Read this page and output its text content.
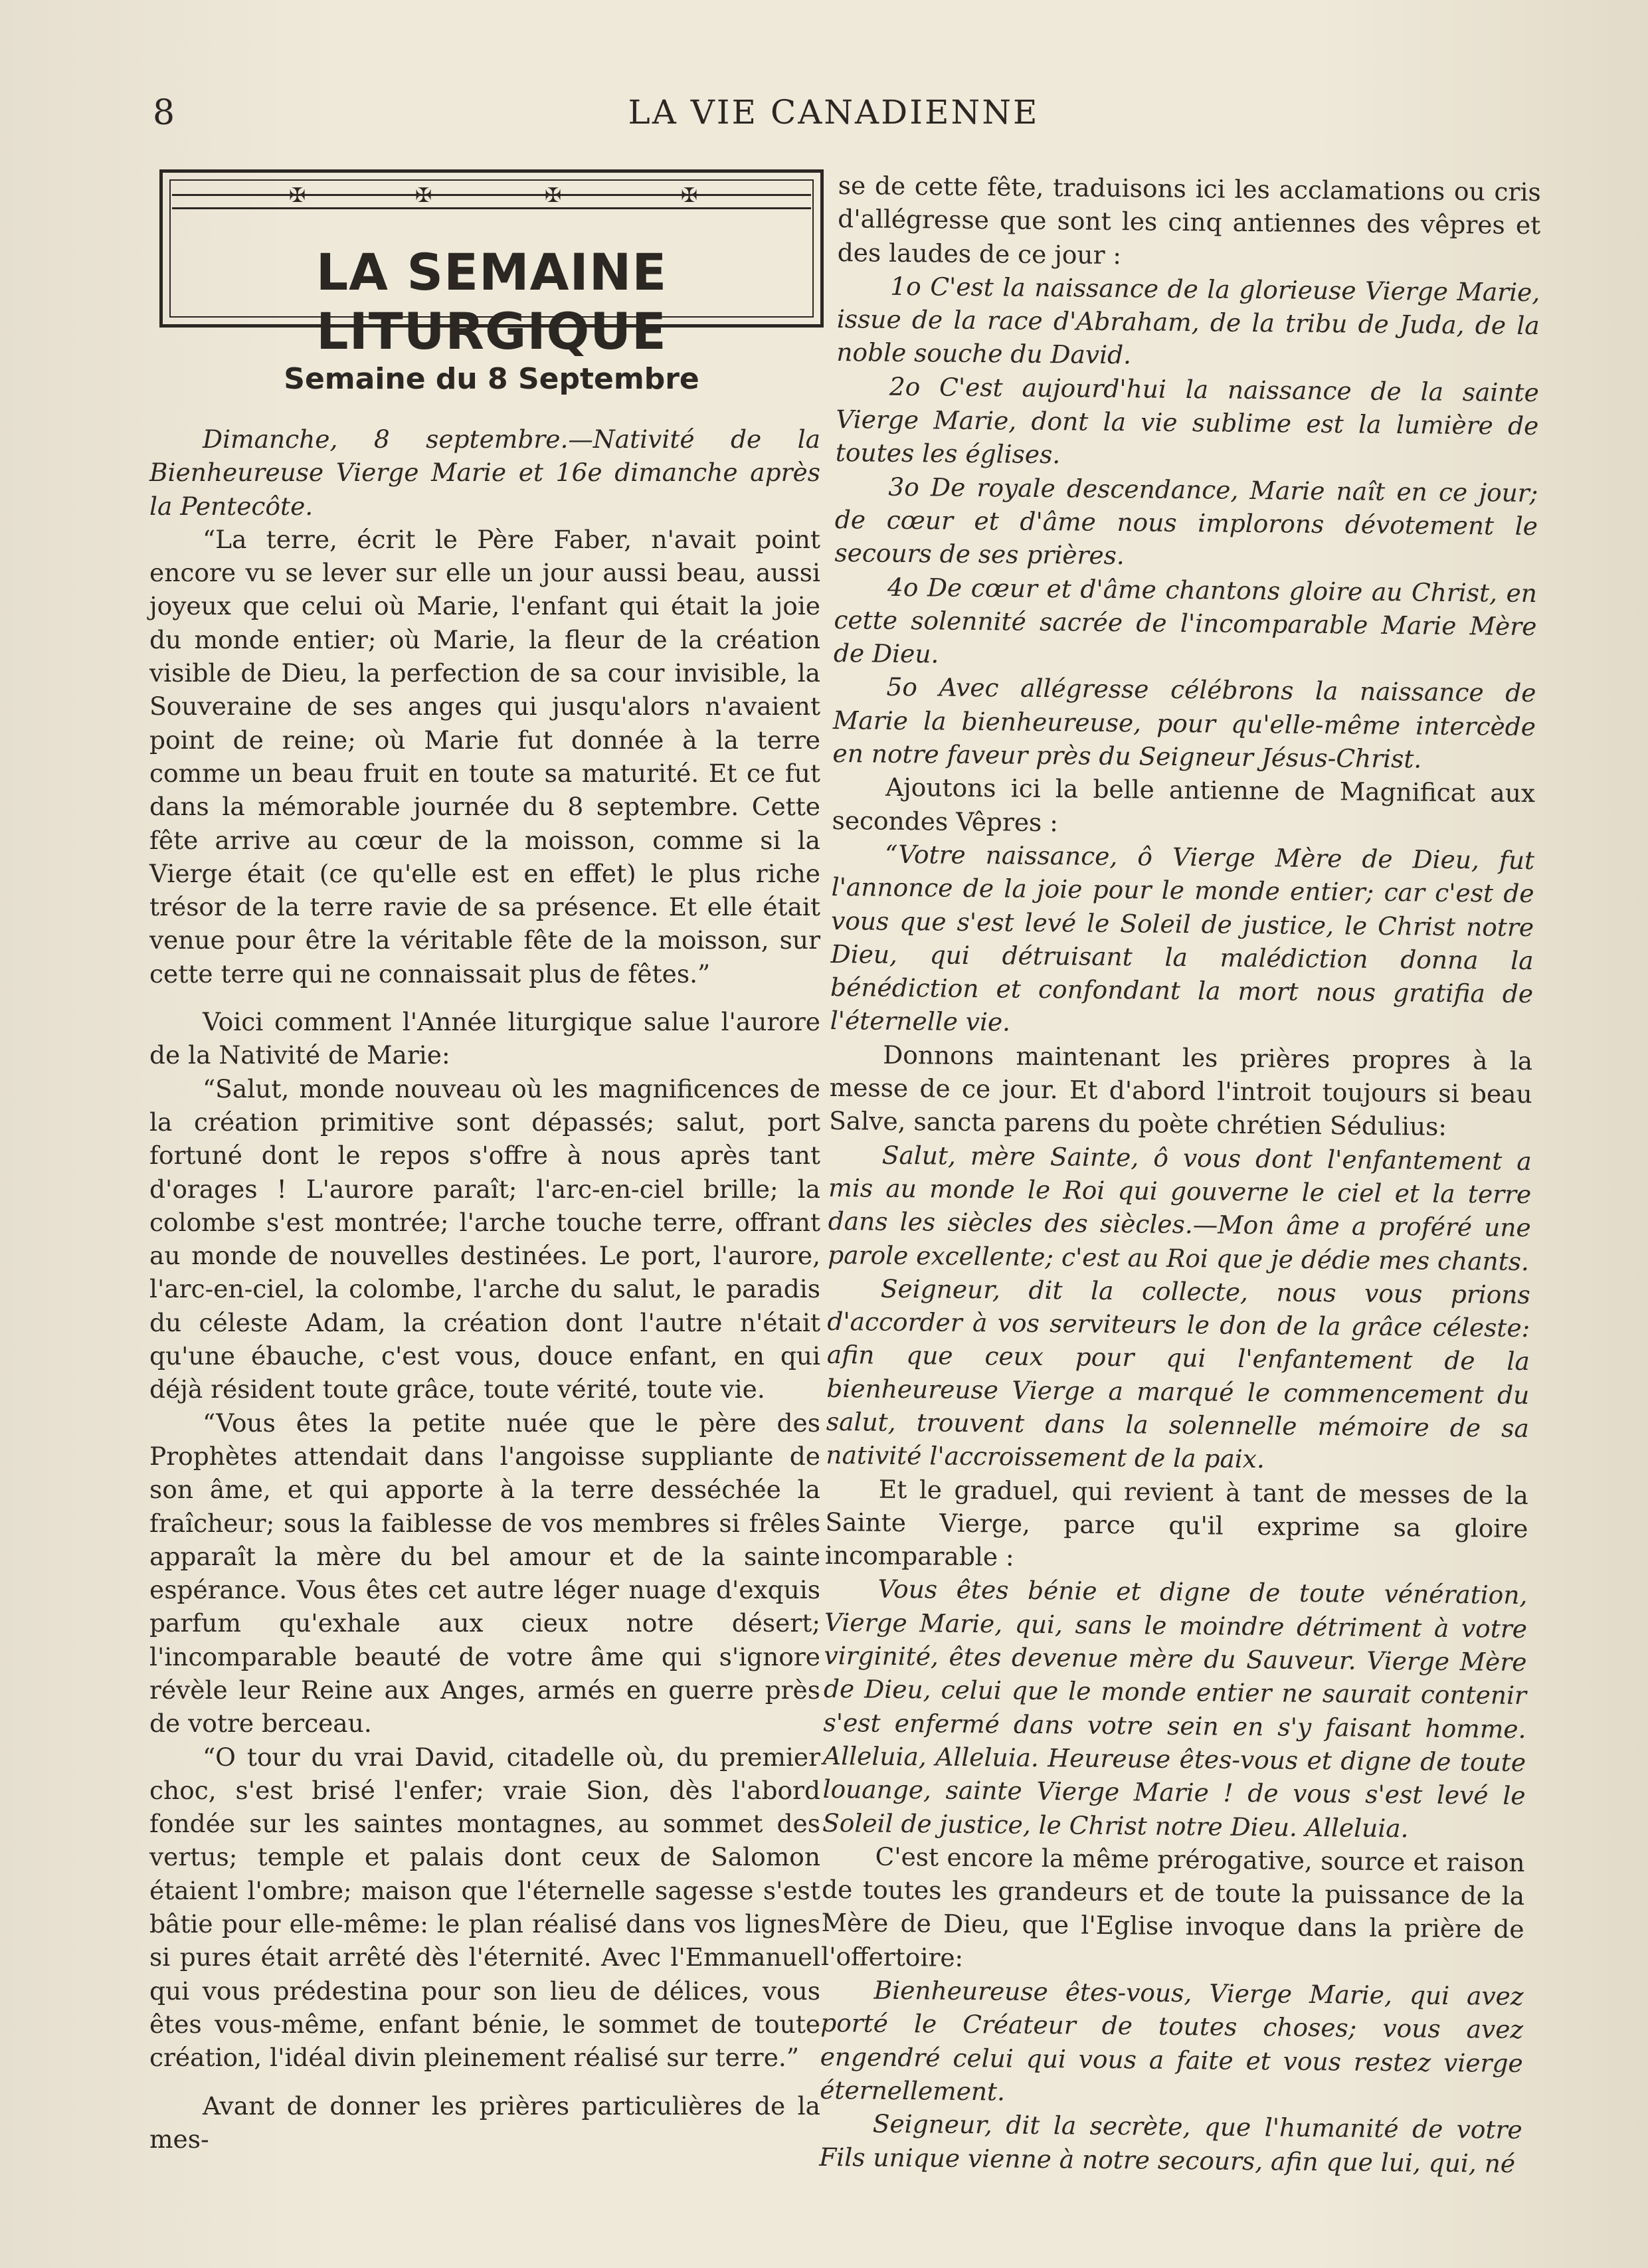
8	LA VIE CANADIENNE
✠	✠	✠	✠
LA SEMAINE LITURGIQUE
Semaine du 8 Septembre

Dimanche, 8 septembre.—Nativité de la Bienheureuse Vierge Marie et 16e dimanche après la Pentecôte.

“La terre, écrit le Père Faber, n'avait point encore vu se lever sur elle un jour aussi beau, aussi joyeux que celui où Marie, l'enfant qui était la joie du monde entier; où Marie, la fleur de la création visible de Dieu, la perfection de sa cour invisible, la Souveraine de ses anges qui jusqu'alors n'avaient point de reine; où Marie fut donnée à la terre comme un beau fruit en toute sa maturité. Et ce fut dans la mémorable journée du 8 septembre. Cette fête arrive au cœur de la moisson, comme si la Vierge était (ce qu'elle est en effet) le plus riche trésor de la terre ravie de sa présence. Et elle était venue pour être la véritable fête de la moisson, sur cette terre qui ne connaissait plus de fêtes.”

Voici comment l'Année liturgique salue l'aurore de la Nativité de Marie:

“Salut, monde nouveau où les magnificences de la création primitive sont dépassés; salut, port fortuné dont le repos s'offre à nous après tant d'orages ! L'aurore paraît; l'arc-en-ciel brille; la colombe s'est montrée; l'arche touche terre, offrant au monde de nouvelles destinées. Le port, l'aurore, l'arc-en-ciel, la colombe, l'arche du salut, le paradis du céleste Adam, la création dont l'autre n'était qu'une ébauche, c'est vous, douce enfant, en qui déjà résident toute grâce, toute vérité, toute vie.

“Vous êtes la petite nuée que le père des Prophètes attendait dans l'angoisse suppliante de son âme, et qui apporte à la terre desséchée la fraîcheur; sous la faiblesse de vos membres si frêles apparaît la mère du bel amour et de la sainte espérance. Vous êtes cet autre léger nuage d'exquis parfum qu'exhale aux cieux notre désert; l'incomparable beauté de votre âme qui s'ignore révèle leur Reine aux Anges, armés en guerre près de votre berceau.

“O tour du vrai David, citadelle où, du premier choc, s'est brisé l'enfer; vraie Sion, dès l'abord fondée sur les saintes montagnes, au sommet des vertus; temple et palais dont ceux de Salomon étaient l'ombre; maison que l'éternelle sagesse s'est bâtie pour elle-même: le plan réalisé dans vos lignes si pures était arrêté dès l'éternité. Avec l'Emmanuel qui vous prédestina pour son lieu de délices, vous êtes vous-même, enfant bénie, le sommet de toute création, l'idéal divin pleinement réalisé sur terre.”

Avant de donner les prières particulières de la mes-

se de cette fête, traduisons ici les acclamations ou cris d'allégresse que sont les cinq antiennes des vêpres et des laudes de ce jour :

1o C'est la naissance de la glorieuse Vierge Marie, issue de la race d'Abraham, de la tribu de Juda, de la noble souche du David.

2o C'est aujourd'hui la naissance de la sainte Vierge Marie, dont la vie sublime est la lumière de toutes les églises.

3o De royale descendance, Marie naît en ce jour; de cœur et d'âme nous implorons dévotement le secours de ses prières.

4o De cœur et d'âme chantons gloire au Christ, en cette solennité sacrée de l'incomparable Marie Mère de Dieu.

5o Avec allégresse célébrons la naissance de Marie la bienheureuse, pour qu'elle-même intercède en notre faveur près du Seigneur Jésus-Christ.

Ajoutons ici la belle antienne de Magnificat aux secondes Vêpres :

“Votre naissance, ô Vierge Mère de Dieu, fut l'annonce de la joie pour le monde entier; car c'est de vous que s'est levé le Soleil de justice, le Christ notre Dieu, qui détruisant la malédiction donna la bénédiction et confondant la mort nous gratifia de l'éternelle vie.

Donnons maintenant les prières propres à la messe de ce jour. Et d'abord l'introit toujours si beau Salve, sancta parens du poète chrétien Sédulius:

Salut, mère Sainte, ô vous dont l'enfantement a mis au monde le Roi qui gouverne le ciel et la terre dans les siècles des siècles.—Mon âme a proféré une parole excellente; c'est au Roi que je dédie mes chants.

Seigneur, dit la collecte, nous vous prions d'accorder à vos serviteurs le don de la grâce céleste: afin que ceux pour qui l'enfantement de la bienheureuse Vierge a marqué le commencement du salut, trouvent dans la solennelle mémoire de sa nativité l'accroissement de la paix.

Et le graduel, qui revient à tant de messes de la Sainte Vierge, parce qu'il exprime sa gloire incomparable :

Vous êtes bénie et digne de toute vénération, Vierge Marie, qui, sans le moindre détriment à votre virginité, êtes devenue mère du Sauveur. Vierge Mère de Dieu, celui que le monde entier ne saurait contenir s'est enfermé dans votre sein en s'y faisant homme. Alleluia, Alleluia. Heureuse êtes-vous et digne de toute louange, sainte Vierge Marie ! de vous s'est levé le Soleil de justice, le Christ notre Dieu. Alleluia.

C'est encore la même prérogative, source et raison de toutes les grandeurs et de toute la puissance de la Mère de Dieu, que l'Eglise invoque dans la prière de l'offertoire:

Bienheureuse êtes-vous, Vierge Marie, qui avez porté le Créateur de toutes choses; vous avez engendré celui qui vous a faite et vous restez vierge éternellement.

Seigneur, dit la secrète, que l'humanité de votre Fils unique vienne à notre secours, afin que lui, qui, né
